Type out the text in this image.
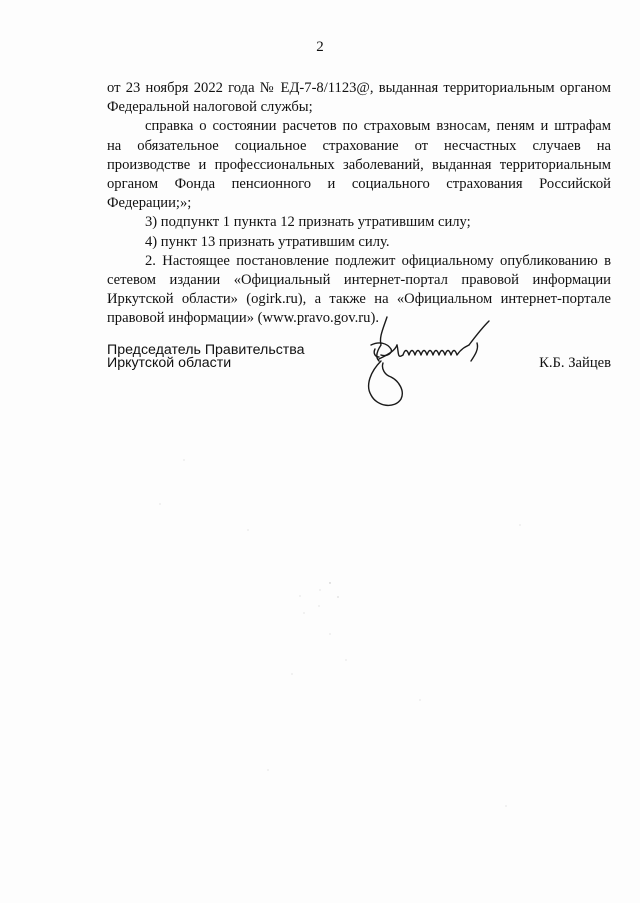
2
от 23 ноября 2022 года № ЕД-7-8/1123@, выданная территориальным органом
Федеральной налоговой службы;
справка о состоянии расчетов по страховым взносам, пеням и штрафам
на обязательное социальное страхование от несчастных случаев на
производстве и профессиональных заболеваний, выданная территориальным
органом Фонда пенсионного и социального страхования Российской
Федерации;»;
3) подпункт 1 пункта 12 признать утратившим силу;
4) пункт 13 признать утратившим силу.
2. Настоящее постановление подлежит официальному опубликованию в
сетевом издании «Официальный интернет-портал правовой информации
Иркутской области» (ogirk.ru), а также на «Официальном интернет-портале
правовой информации» (www.pravo.gov.ru).
Председатель Правительства
Иркутской области	К.Б. Зайцев
